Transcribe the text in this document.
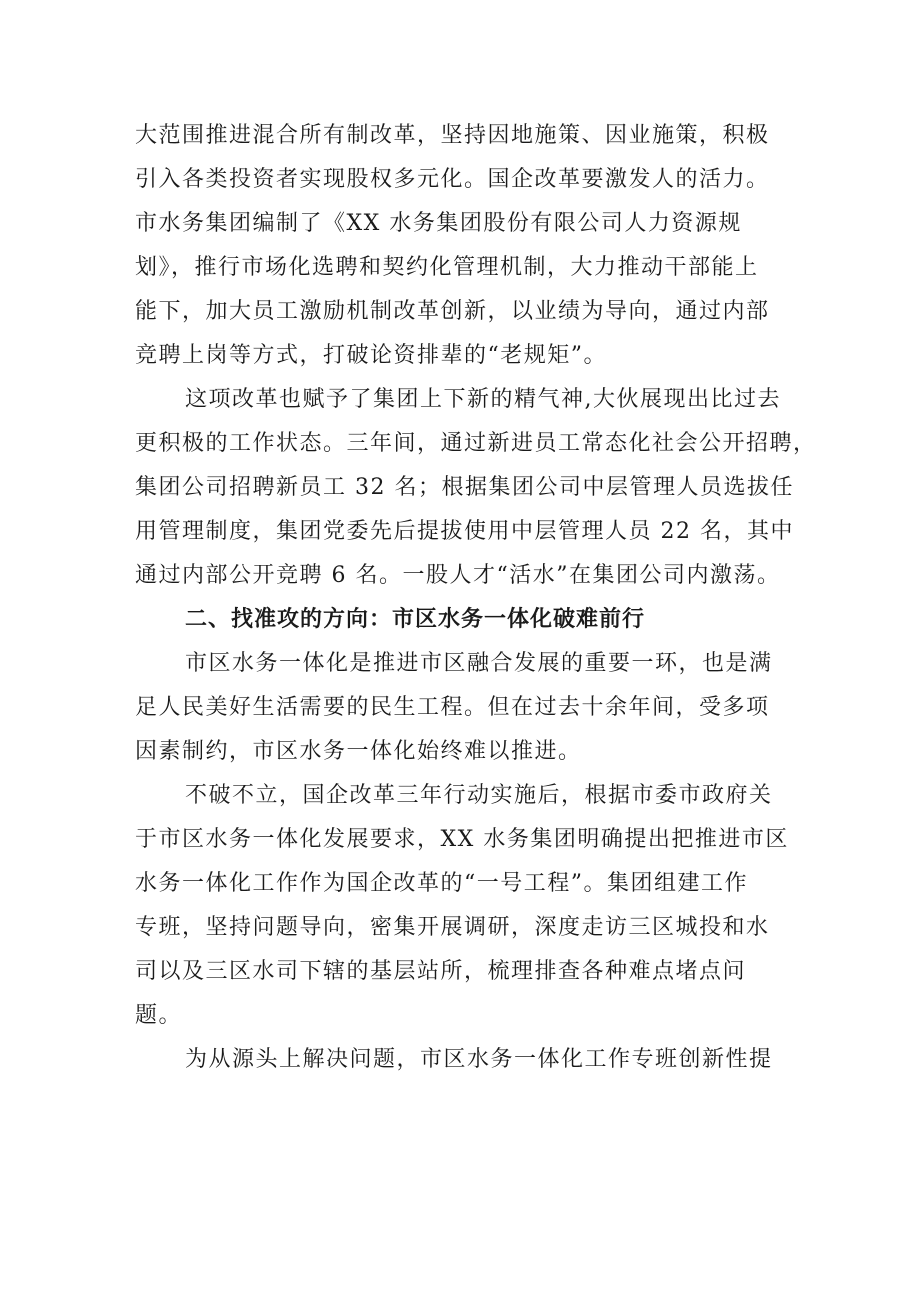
大范围推进混合所有制改革，坚持因地施策、因业施策，积极
引入各类投资者实现股权多元化。国企改革要激发人的活力。
市水务集团编制了《XX 水务集团股份有限公司人力资源规
划》，推行市场化选聘和契约化管理机制，大力推动干部能上
能下，加大员工激励机制改革创新，以业绩为导向，通过内部
竞聘上岗等方式，打破论资排辈的“老规矩”。
这项改革也赋予了集团上下新的精气神,大伙展现出比过去
更积极的工作状态。三年间，通过新进员工常态化社会公开招聘，
集团公司招聘新员工 32 名；根据集团公司中层管理人员选拔任
用管理制度，集团党委先后提拔使用中层管理人员 22 名，其中
通过内部公开竞聘 6 名。一股人才“活水”在集团公司内激荡。
二、找准攻的方向：市区水务一体化破难前行
市区水务一体化是推进市区融合发展的重要一环，也是满
足人民美好生活需要的民生工程。但在过去十余年间，受多项
因素制约，市区水务一体化始终难以推进。
不破不立，国企改革三年行动实施后，根据市委市政府关
于市区水务一体化发展要求，XX 水务集团明确提出把推进市区
水务一体化工作作为国企改革的“一号工程”。集团组建工作
专班，坚持问题导向，密集开展调研，深度走访三区城投和水
司以及三区水司下辖的基层站所，梳理排查各种难点堵点问
题。
为从源头上解决问题，市区水务一体化工作专班创新性提
